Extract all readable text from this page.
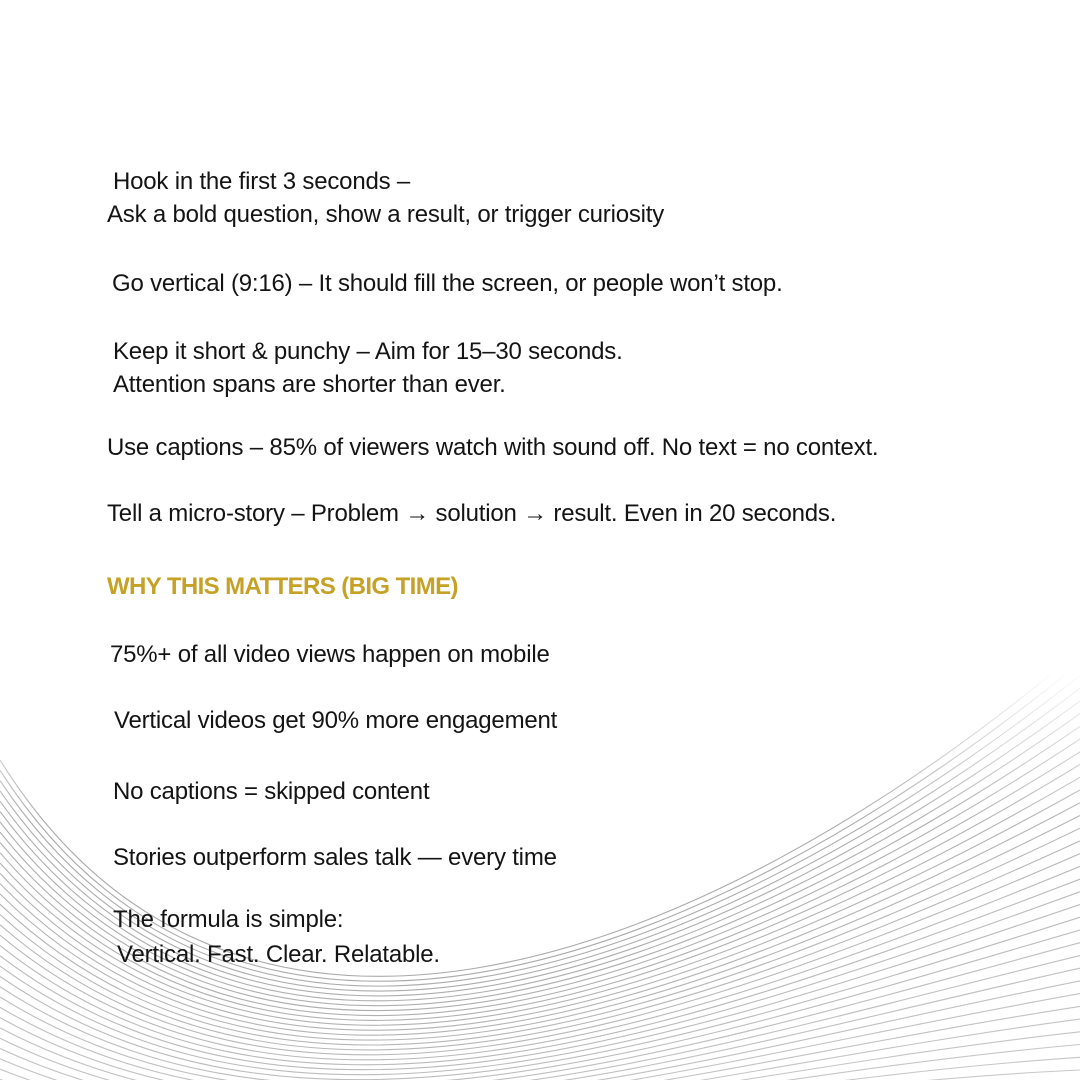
Hook in the first 3 seconds –

Ask a bold question, show a result, or trigger curiosity

Go vertical (9:16) – It should fill the screen, or people won’t stop.

Keep it short & punchy – Aim for 15–30 seconds.

Attention spans are shorter than ever.

Use captions – 85% of viewers watch with sound off. No text = no context.

Tell a micro-story – Problem → solution → result. Even in 20 seconds.

WHY THIS MATTERS (BIG TIME)

75%+ of all video views happen on mobile

Vertical videos get 90% more engagement

No captions = skipped content

Stories outperform sales talk — every time

The formula is simple:

Vertical. Fast. Clear. Relatable.
